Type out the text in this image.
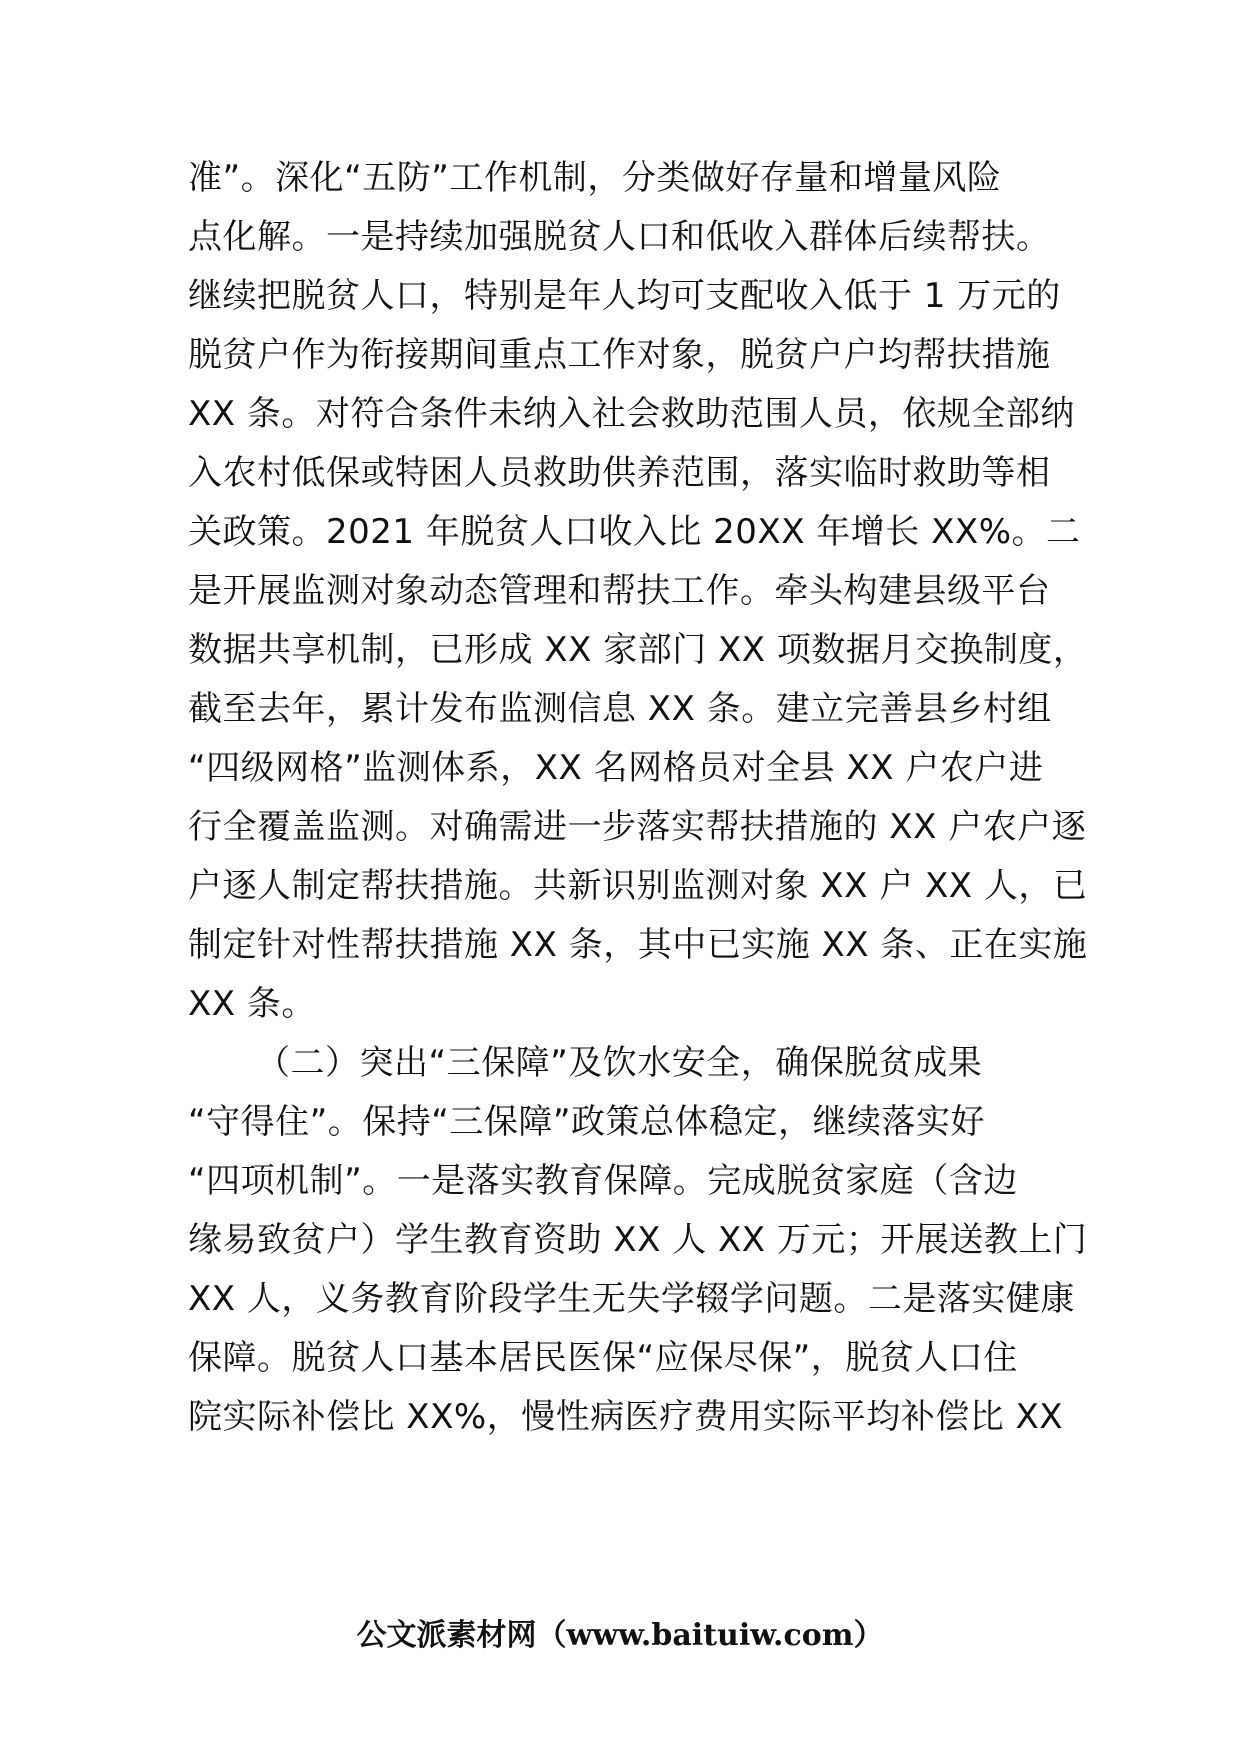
准”。深化“五防”工作机制，分类做好存量和增量风险
点化解。一是持续加强脱贫人口和低收入群体后续帮扶。
继续把脱贫人口，特别是年人均可支配收入低于 1 万元的
脱贫户作为衔接期间重点工作对象，脱贫户户均帮扶措施
XX 条。对符合条件未纳入社会救助范围人员，依规全部纳
入农村低保或特困人员救助供养范围，落实临时救助等相
关政策。2021 年脱贫人口收入比 20XX 年增长 XX%。二
是开展监测对象动态管理和帮扶工作。牵头构建县级平台
数据共享机制，已形成 XX 家部门 XX 项数据月交换制度，
截至去年，累计发布监测信息 XX 条。建立完善县乡村组
“四级网格”监测体系，XX 名网格员对全县 XX 户农户进
行全覆盖监测。对确需进一步落实帮扶措施的 XX 户农户逐
户逐人制定帮扶措施。共新识别监测对象 XX 户 XX 人，已
制定针对性帮扶措施 XX 条，其中已实施 XX 条、正在实施
XX 条。
（二）突出“三保障”及饮水安全，确保脱贫成果
“守得住”。保持“三保障”政策总体稳定，继续落实好
“四项机制”。一是落实教育保障。完成脱贫家庭（含边
缘易致贫户）学生教育资助 XX 人 XX 万元；开展送教上门
XX 人，义务教育阶段学生无失学辍学问题。二是落实健康
保障。脱贫人口基本居民医保“应保尽保”，脱贫人口住
院实际补偿比 XX%，慢性病医疗费用实际平均补偿比 XX
公文派素材网（www.baituiw.com）
